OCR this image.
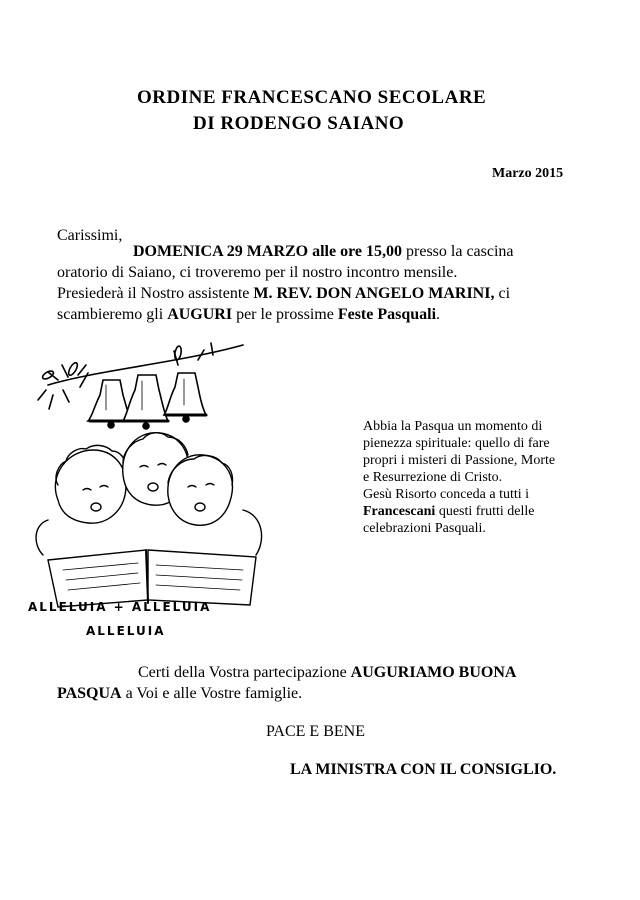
ORDINE FRANCESCANO SECOLARE
DI RODENGO SAIANO
Marzo 2015
Carissimi,
DOMENICA 29 MARZO alle ore 15,00 presso la cascina
oratorio di Saiano, ci troveremo per il nostro incontro mensile.
Presiederà il Nostro assistente M. REV. DON ANGELO MARINI, ci
scambieremo gli AUGURI per le prossime Feste Pasquali.
ALLELUIA + ALLELUIA
ALLELUIA
Abbia la Pasqua un momento di
pienezza spirituale: quello di fare
propri i misteri di Passione, Morte
e Resurrezione di Cristo.
Gesù Risorto conceda a tutti i
Francescani questi frutti delle
celebrazioni Pasquali.
Certi della Vostra partecipazione AUGURIAMO BUONA
PASQUA a Voi e alle Vostre famiglie.
PACE E BENE
LA MINISTRA CON IL CONSIGLIO.
